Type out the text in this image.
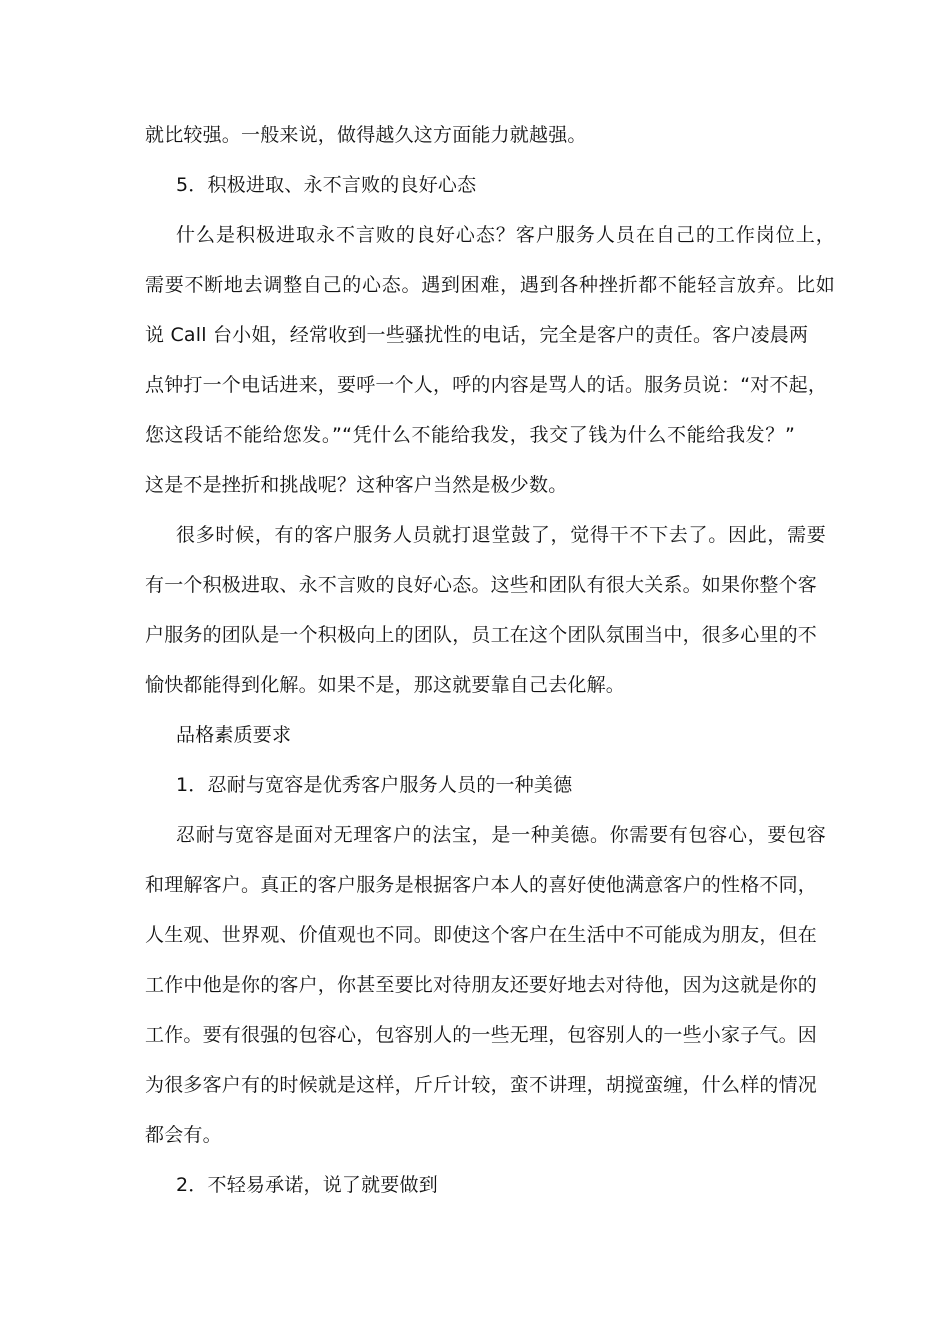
就比较强。一般来说，做得越久这方面能力就越强。
5．积极进取、永不言败的良好心态
什么是积极进取永不言败的良好心态？客户服务人员在自己的工作岗位上，
需要不断地去调整自己的心态。遇到困难，遇到各种挫折都不能轻言放弃。比如
说 Call 台小姐，经常收到一些骚扰性的电话，完全是客户的责任。客户凌晨两
点钟打一个电话进来，要呼一个人，呼的内容是骂人的话。服务员说：“对不起，
您这段话不能给您发。”“凭什么不能给我发，我交了钱为什么不能给我发？”
这是不是挫折和挑战呢？这种客户当然是极少数。
很多时候，有的客户服务人员就打退堂鼓了，觉得干不下去了。因此，需要
有一个积极进取、永不言败的良好心态。这些和团队有很大关系。如果你整个客
户服务的团队是一个积极向上的团队，员工在这个团队氛围当中，很多心里的不
愉快都能得到化解。如果不是，那这就要靠自己去化解。
品格素质要求
1．忍耐与宽容是优秀客户服务人员的一种美德
忍耐与宽容是面对无理客户的法宝，是一种美德。你需要有包容心，要包容
和理解客户。真正的客户服务是根据客户本人的喜好使他满意客户的性格不同，
人生观、世界观、价值观也不同。即使这个客户在生活中不可能成为朋友，但在
工作中他是你的客户，你甚至要比对待朋友还要好地去对待他，因为这就是你的
工作。要有很强的包容心，包容别人的一些无理，包容别人的一些小家子气。因
为很多客户有的时候就是这样，斤斤计较，蛮不讲理，胡搅蛮缠，什么样的情况
都会有。
2．不轻易承诺，说了就要做到
